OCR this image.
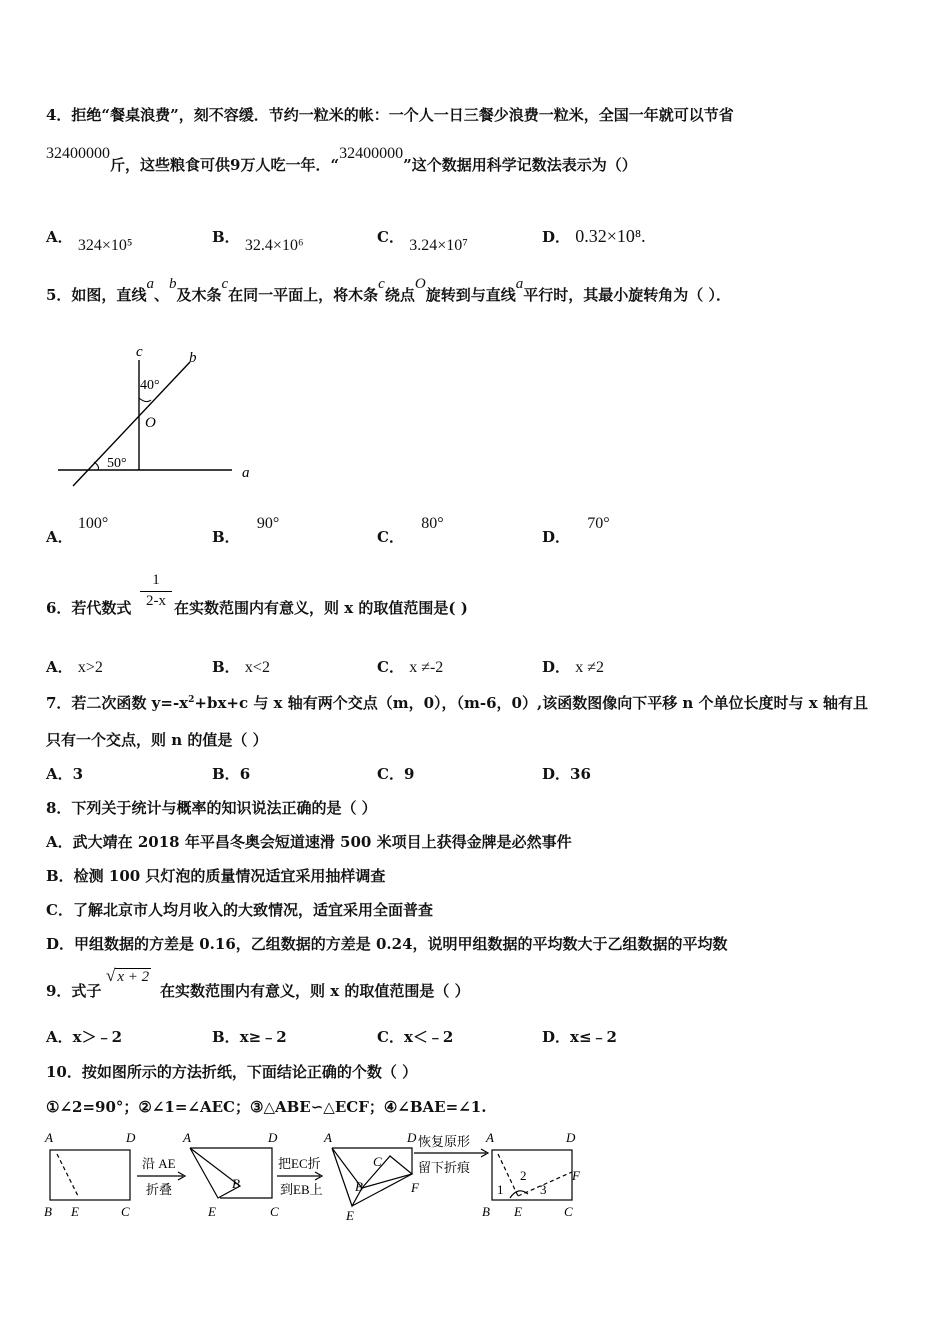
4．拒绝“餐桌浪费”，刻不容缓．节约一粒米的帐：一个人一日三餐少浪费一粒米，全国一年就可以节省
32400000斤，这些粮食可供9万人吃一年．“32400000”这个数据用科学记数法表示为（）
A． 324×10⁵	B． 32.4×10⁶	C． 3.24×10⁷	D． 0.32×10⁸.
5．如图，直线a、b及木条c在同一平面上，将木条c绕点O旋转到与直线a平行时，其最小旋转角为（ ）．
c	b
40°
O
50°
a
A． 100°
B． 90°
C． 80°
D． 70°
6．若代数式
1
2-x 在实数范围内有意义，则 x 的取值范围是( )
A． x>2	B． x<2	C． x ≠-2	D． x ≠2
7．若二次函数 $y=-x^2+bx+c$ 与 x 轴有两个交点（m，0），（m-6，0）,该函数图像向下平移 n 个单位长度时与 x 轴有且
只有一个交点，则 n 的值是（ ）
A．3	B．6	C．9	D．36
8．下列关于统计与概率的知识说法正确的是（ ）
A．武大靖在 2018 年平昌冬奥会短道速滑 500 米项目上获得金牌是必然事件
B．检测 100 只灯泡的质量情况适宜采用抽样调查
C．了解北京市人均月收入的大致情况，适宜采用全面普查
D．甲组数据的方差是 0.16，乙组数据的方差是 0.24，说明甲组数据的平均数大于乙组数据的平均数
9．式子
√ x + 2
在实数范围内有意义，则 x 的取值范围是（ ）
A．x＞﹣2	B．x≥﹣2	C．x＜﹣2	D．x≤﹣2
10．按如图所示的方法折纸，下面结论正确的个数（ ）
①∠2=90°；②∠1=∠AEC；③△ABE∽△ECF；④∠BAE=∠1.
A	D
B E	C
A	D
B
E	C
A	D
C
B	F
E
A	D
F
B E	C
1
2
3
沿 AE
折叠
把EC折
到EB上
恢复原形
留下折痕
